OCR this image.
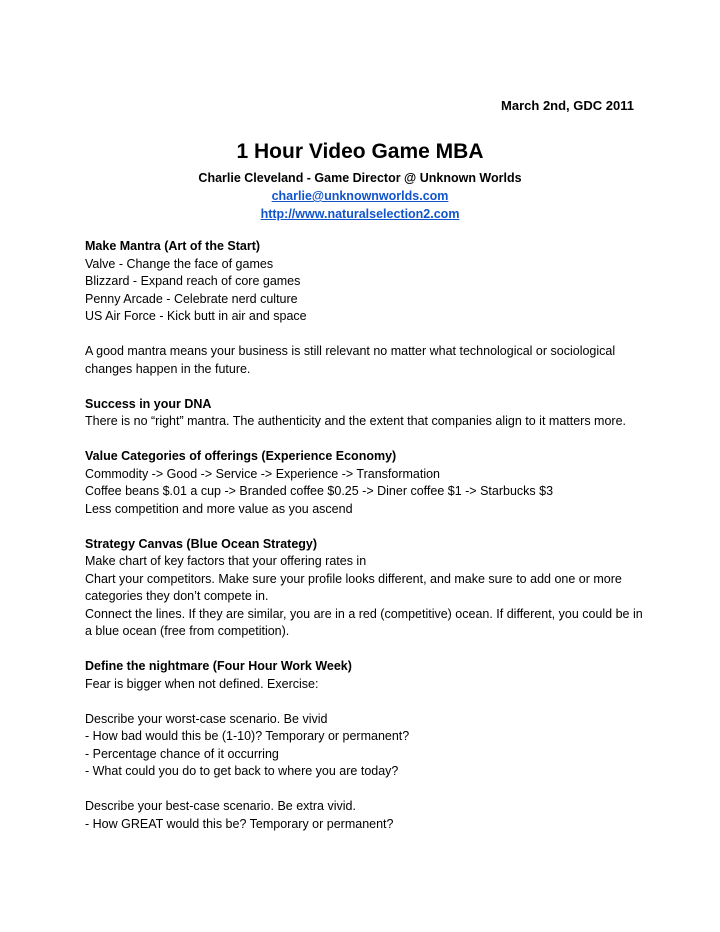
March 2nd, GDC 2011
1 Hour Video Game MBA
Charlie Cleveland - Game Director @ Unknown Worlds
charlie@unknownworlds.com
http://www.naturalselection2.com
Make Mantra (Art of the Start)
Valve - Change the face of games
Blizzard - Expand reach of core games
Penny Arcade - Celebrate nerd culture
US Air Force - Kick butt in air and space
A good mantra means your business is still relevant no matter what technological or sociological changes happen in the future.
Success in your DNA
There is no “right” mantra. The authenticity and the extent that companies align to it matters more.
Value Categories of offerings (Experience Economy)
Commodity -> Good -> Service -> Experience -> Transformation
Coffee beans $.01 a cup -> Branded coffee $0.25 -> Diner coffee $1 -> Starbucks $3
Less competition and more value as you ascend
Strategy Canvas (Blue Ocean Strategy)
Make chart of key factors that your offering rates in
Chart your competitors. Make sure your profile looks different, and make sure to add one or more categories they don’t compete in.
Connect the lines. If they are similar, you are in a red (competitive) ocean. If different, you could be in a blue ocean (free from competition).
Define the nightmare (Four Hour Work Week)
Fear is bigger when not defined. Exercise:
Describe your worst-case scenario. Be vivid
- How bad would this be (1-10)? Temporary or permanent?
- Percentage chance of it occurring
- What could you do to get back to where you are today?
Describe your best-case scenario. Be extra vivid.
- How GREAT would this be? Temporary or permanent?
